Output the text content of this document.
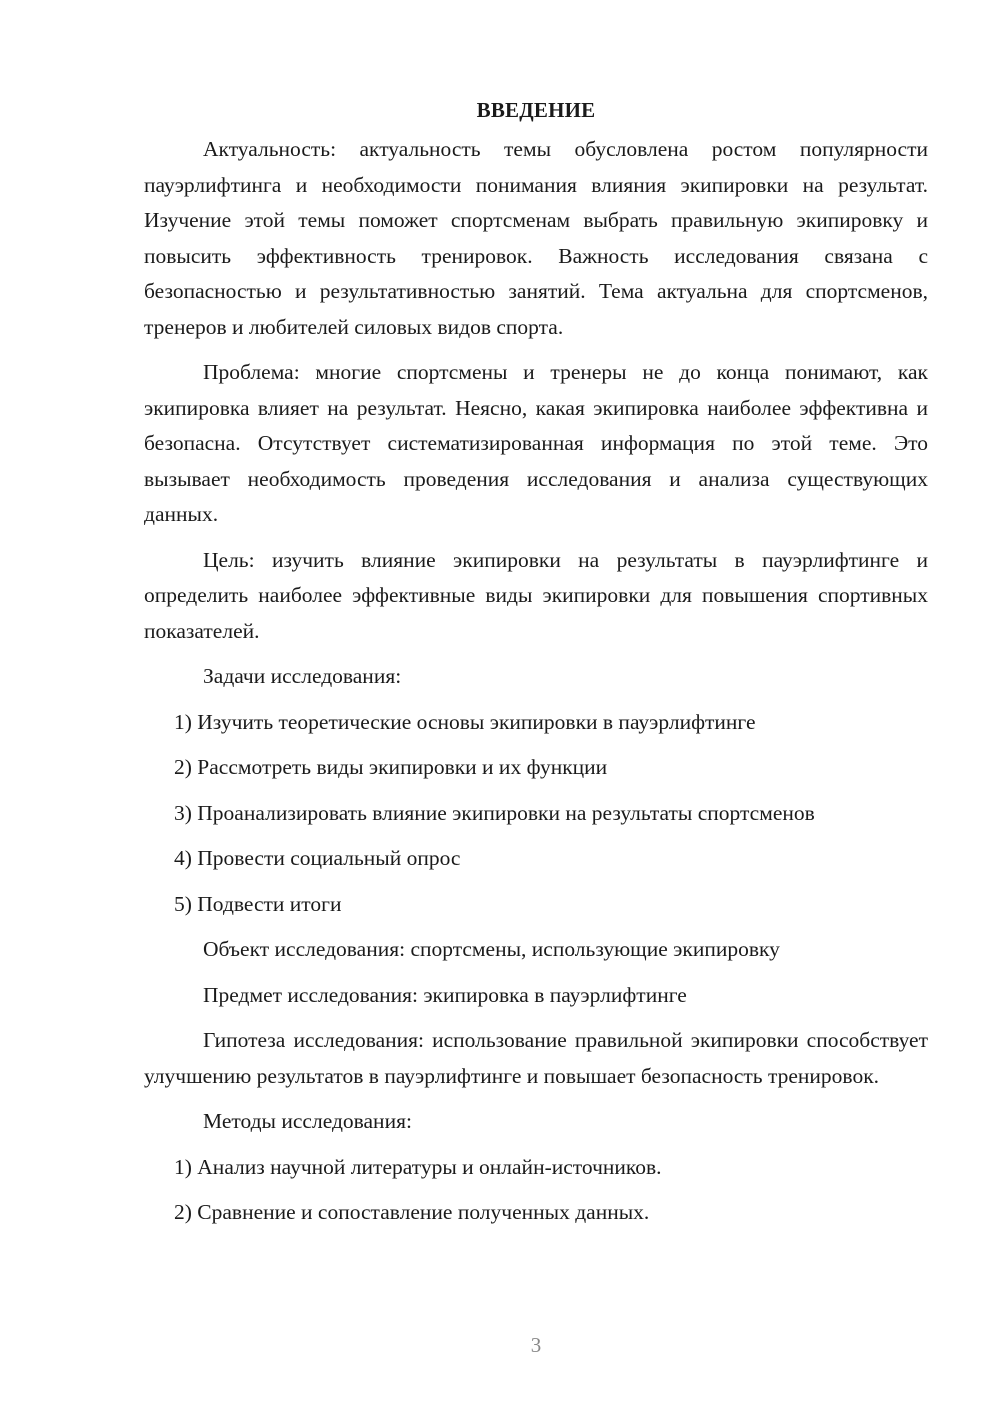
ВВЕДЕНИЕ

Актуальность: актуальность темы обусловлена ростом популярности пауэрлифтинга и необходимости понимания влияния экипировки на результат. Изучение этой темы поможет спортсменам выбрать правильную экипировку и повысить эффективность тренировок. Важность исследования связана с безопасностью и результативностью занятий. Тема актуальна для спортсменов, тренеров и любителей силовых видов спорта.

Проблема: многие спортсмены и тренеры не до конца понимают, как экипировка влияет на результат. Неясно, какая экипировка наиболее эффективна и безопасна. Отсутствует систематизированная информация по этой теме. Это вызывает необходимость проведения исследования и анализа существующих данных.

Цель: изучить влияние экипировки на результаты в пауэрлифтинге и определить наиболее эффективные виды экипировки для повышения спортивных показателей.

Задачи исследования:
1) Изучить теоретические основы экипировки в пауэрлифтинге
2) Рассмотреть виды экипировки и их функции
3) Проанализировать влияние экипировки на результаты спортсменов
4) Провести социальный опрос
5) Подвести итоги
Объект исследования: спортсмены, использующие экипировку
Предмет исследования: экипировка в пауэрлифтинге

Гипотеза исследования: использование правильной экипировки способствует улучшению результатов в пауэрлифтинге и повышает безопасность тренировок.

Методы исследования:
1) Анализ научной литературы и онлайн-источников.
2) Сравнение и сопоставление полученных данных.
3
